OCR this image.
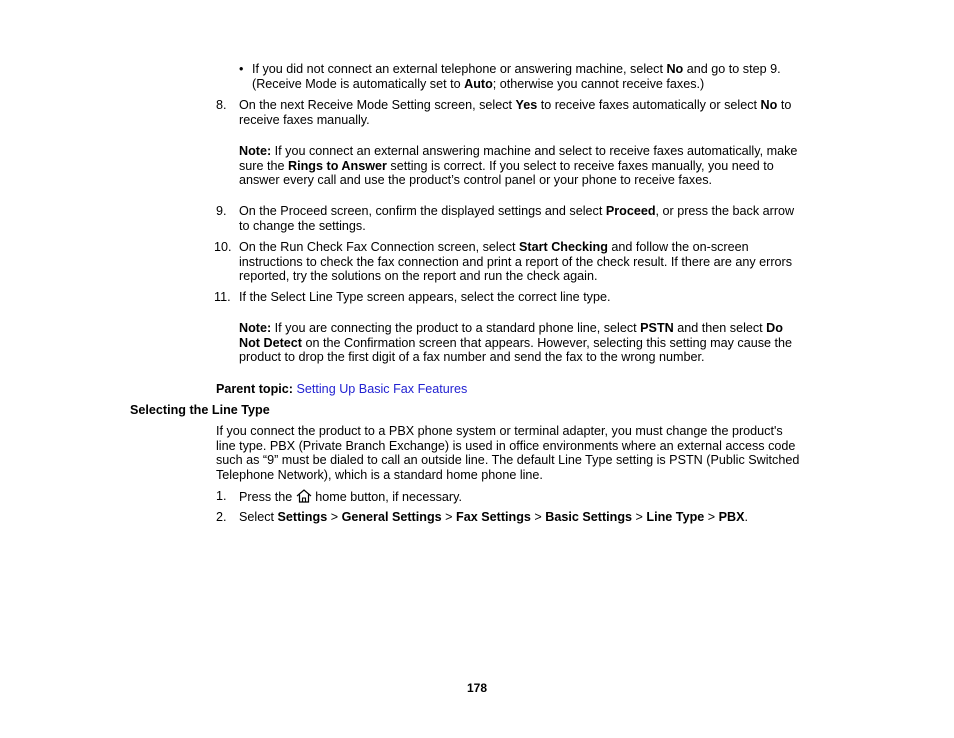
• If you did not connect an external telephone or answering machine, select No and go to step 9.

(Receive Mode is automatically set to Auto; otherwise you cannot receive faxes.)

8. On the next Receive Mode Setting screen, select Yes to receive faxes automatically or select No to

receive faxes manually.

Note: If you connect an external answering machine and select to receive faxes automatically, make

sure the Rings to Answer setting is correct. If you select to receive faxes manually, you need to

answer every call and use the product’s control panel or your phone to receive faxes.

9. On the Proceed screen, confirm the displayed settings and select Proceed, or press the back arrow

to change the settings.

10. On the Run Check Fax Connection screen, select Start Checking and follow the on-screen

instructions to check the fax connection and print a report of the check result. If there are any errors

reported, try the solutions on the report and run the check again.

11. If the Select Line Type screen appears, select the correct line type.

Note: If you are connecting the product to a standard phone line, select PSTN and then select Do

Not Detect on the Confirmation screen that appears. However, selecting this setting may cause the

product to drop the first digit of a fax number and send the fax to the wrong number.

Parent topic: Setting Up Basic Fax Features
Selecting the Line Type

If you connect the product to a PBX phone system or terminal adapter, you must change the product's

line type. PBX (Private Branch Exchange) is used in office environments where an external access code

such as “9” must be dialed to call an outside line. The default Line Type setting is PSTN (Public Switched

Telephone Network), which is a standard home phone line.

1. Press the  home button, if necessary.

2. Select Settings > General Settings > Fax Settings > Basic Settings > Line Type > PBX.

178
